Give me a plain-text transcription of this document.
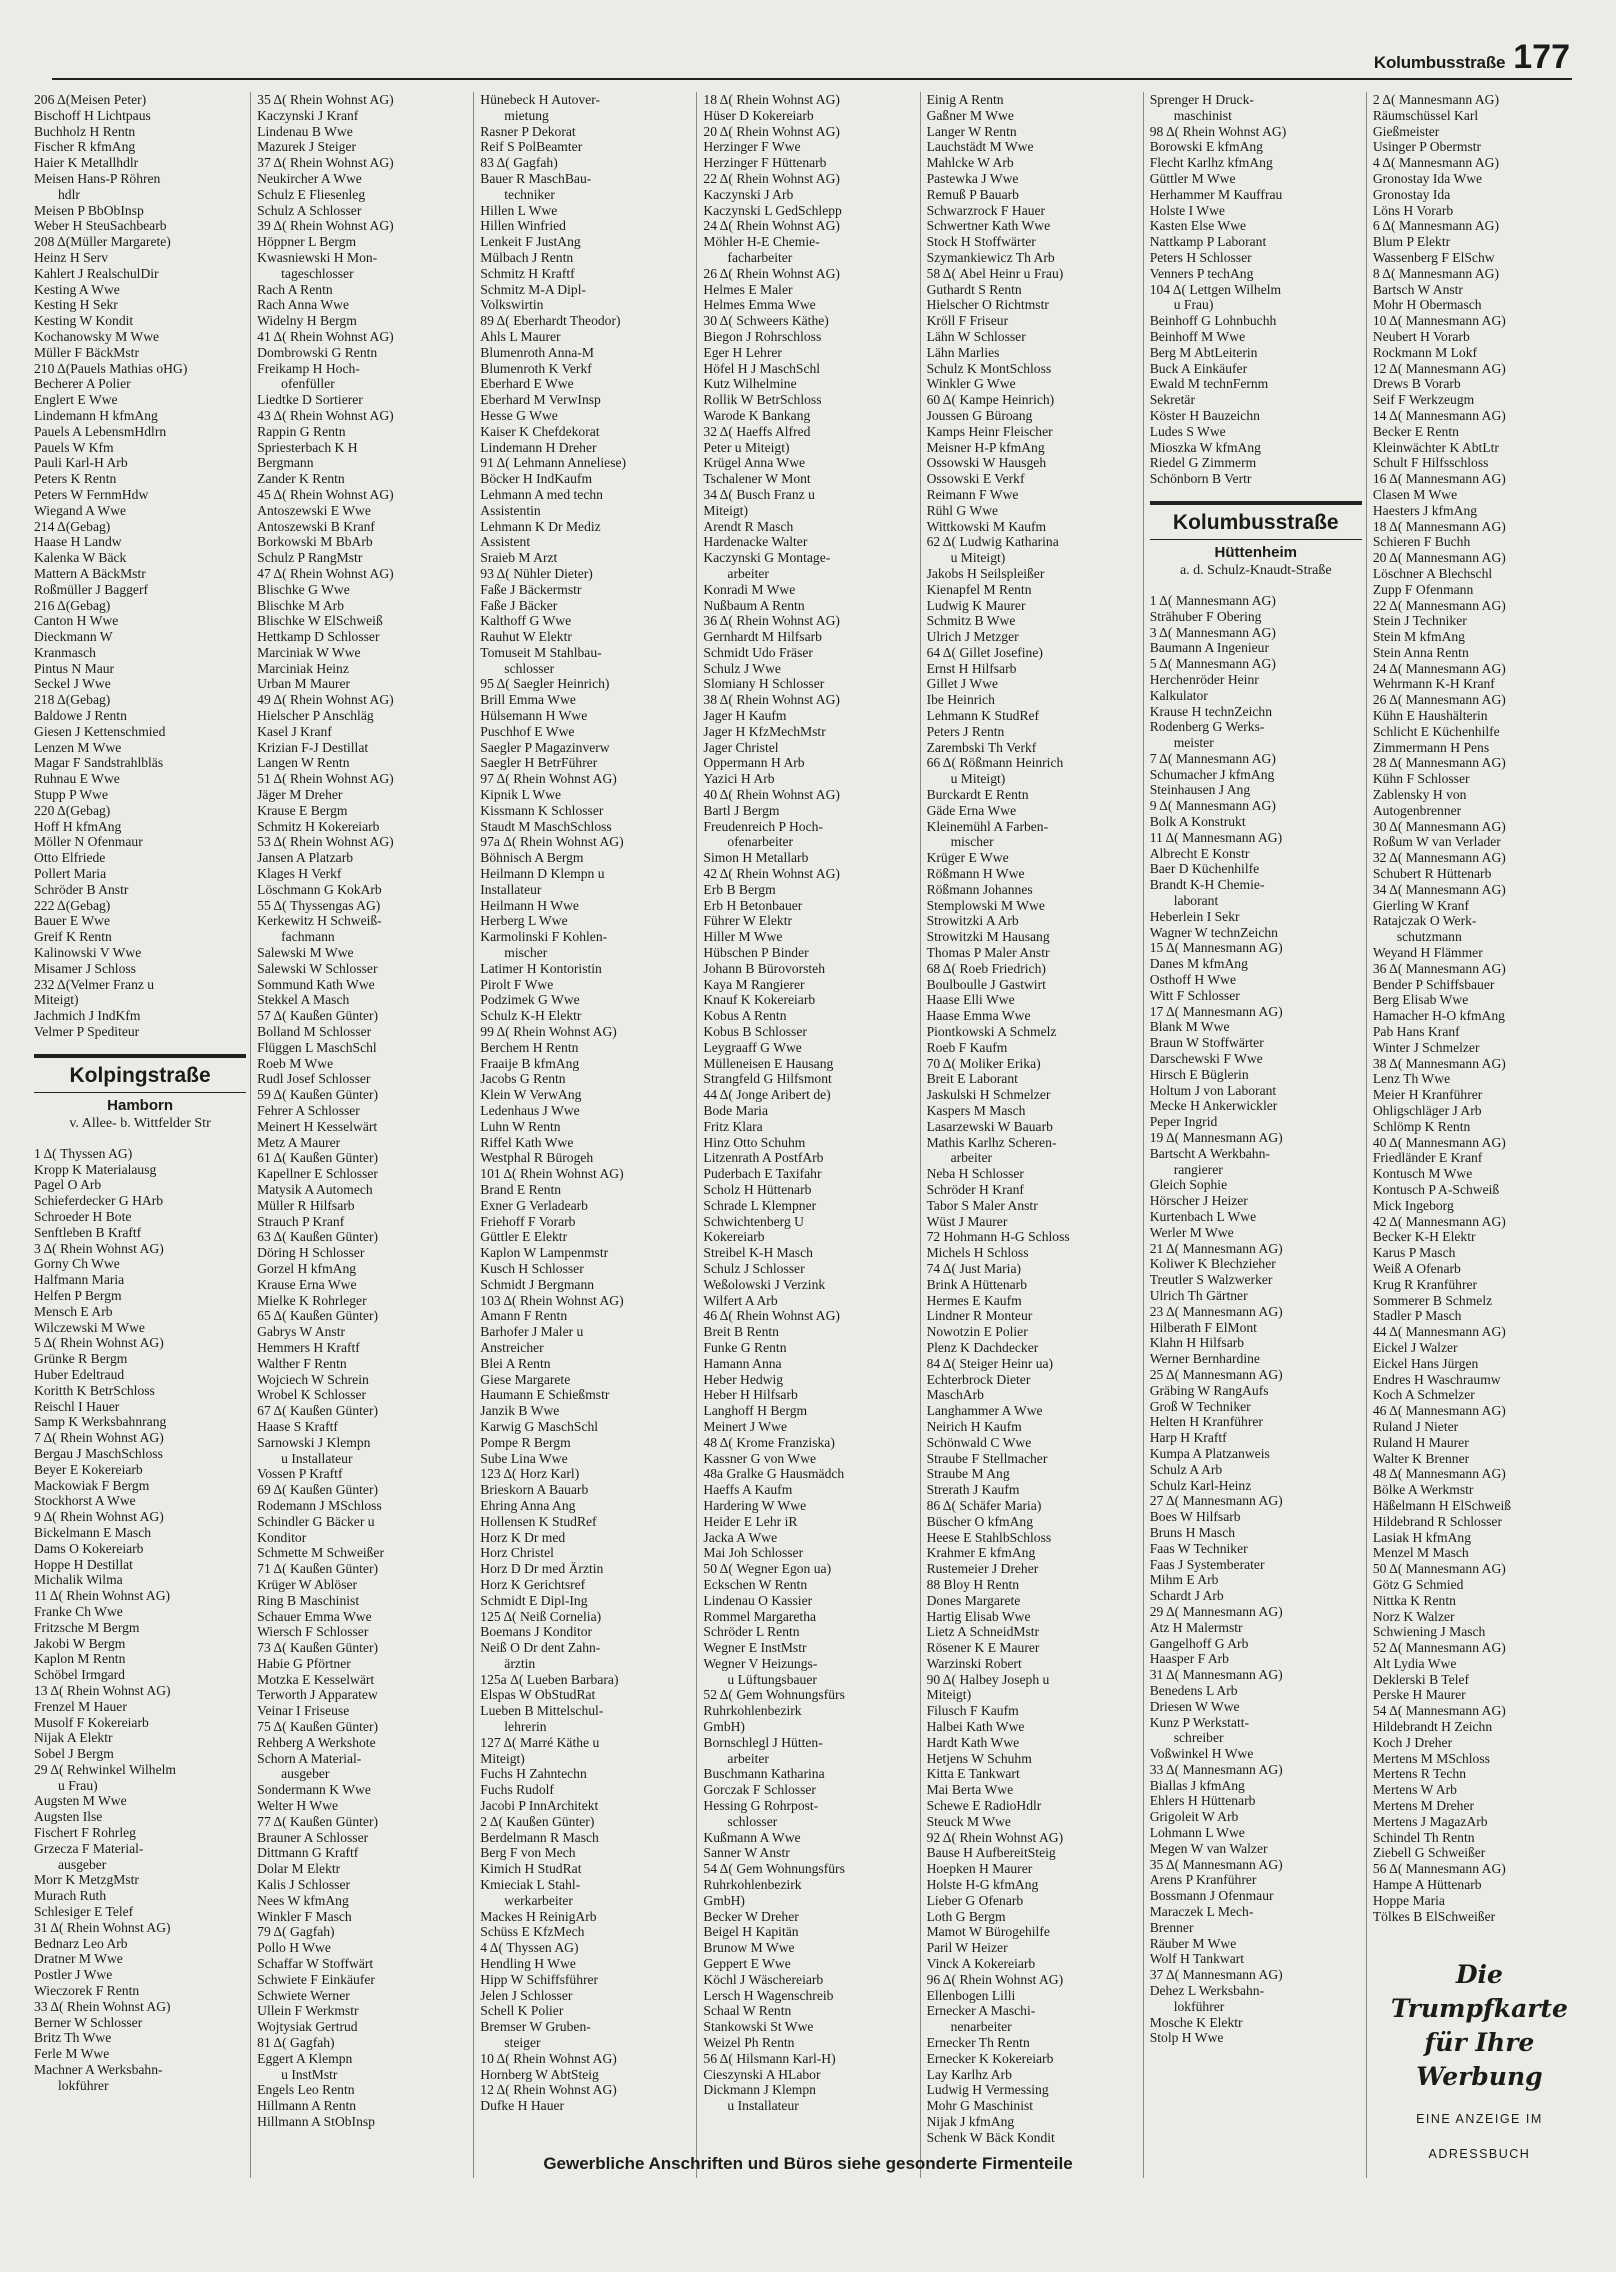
Kolumbusstraße 177
206 Δ(Meisen Peter)
Bischoff H Lichtpaus
Buchholz H Rentn
Fischer R kfmAng
Haier K Metallhdlr
Meisen Hans-P Röhren
hdlr
Meisen P BbObInsp
Weber H SteuSachbearb
208 Δ(Müller Margarete)
Heinz H Serv
Kahlert J RealschulDir
Kesting A Wwe
Kesting H Sekr
Kesting W Kondit
Kochanowsky M Wwe
Müller F BäckMstr
210 Δ(Pauels Mathias oHG)
Becherer A Polier
Englert E Wwe
Lindemann H kfmAng
Pauels A LebensmHdlrn
Pauels W Kfm
Pauli Karl-H Arb
Peters K Rentn
Peters W FernmHdw
Wiegand A Wwe
214 Δ(Gebag)
Haase H Landw
Kalenka W Bäck
Mattern A BäckMstr
Roßmüller J Baggerf
216 Δ(Gebag)
Canton H Wwe
Dieckmann W
Kranmasch
Pintus N Maur
Seckel J Wwe
218 Δ(Gebag)
Baldowe J Rentn
Giesen J Kettenschmied
Lenzen M Wwe
Magar F Sandstrahlbläs
Ruhnau E Wwe
Stupp P Wwe
220 Δ(Gebag)
Hoff H kfmAng
Möller N Ofenmaur
Otto Elfriede
Pollert Maria
Schröder B Anstr
222 Δ(Gebag)
Bauer E Wwe
Greif K Rentn
Kalinowski V Wwe
Misamer J Schloss
232 Δ(Velmer Franz u
Miteigt)
Jachmich J IndKfm
Velmer P Spediteur
Kolpingstraße
Hamborn
v. Allee- b. Wittfelder Str
1 Δ( Thyssen AG)
Kropp K Materialausg
Pagel O Arb
Schieferdecker G HArb
Schroeder H Bote
Senftleben B Kraftf
3 Δ( Rhein Wohnst AG)
Gorny Ch Wwe
Halfmann Maria
Helfen P Bergm
Mensch E Arb
Wilczewski M Wwe
5 Δ( Rhein Wohnst AG)
Grünke R Bergm
Huber Edeltraud
Koritth K BetrSchloss
Reischl I Hauer
Samp K Werksbahnrang
7 Δ( Rhein Wohnst AG)
Bergau J MaschSchloss
Beyer E Kokereiarb
Mackowiak F Bergm
Stockhorst A Wwe
9 Δ( Rhein Wohnst AG)
Bickelmann E Masch
Dams O Kokereiarb
Hoppe H Destillat
Michalik Wilma
11 Δ( Rhein Wohnst AG)
Franke Ch Wwe
Fritzsche M Bergm
Jakobi W Bergm
Kaplon M Rentn
Schöbel Irmgard
13 Δ( Rhein Wohnst AG)
Frenzel M Hauer
Musolf F Kokereiarb
Nijak A Elektr
Sobel J Bergm
29 Δ( Rehwinkel Wilhelm
u Frau)
Augsten M Wwe
Augsten Ilse
Fischert F Rohrleg
Grzecza F Material-
ausgeber
Morr K MetzgMstr
Murach Ruth
Schlesiger E Telef
31 Δ( Rhein Wohnst AG)
Bednarz Leo Arb
Dratner M Wwe
Postler J Wwe
Wieczorek F Rentn
33 Δ( Rhein Wohnst AG)
Berner W Schlosser
Britz Th Wwe
Ferle M Wwe
Machner A Werksbahn-
lokführer
35 Δ( Rhein Wohnst AG)
Kaczynski J Kranf
Lindenau B Wwe
Mazurek J Steiger
37 Δ( Rhein Wohnst AG)
Neukircher A Wwe
Schulz E Fliesenleg
Schulz A Schlosser
39 Δ( Rhein Wohnst AG)
Höppner L Bergm
Kwasniewski H Mon-
tageschlosser
Rach A Rentn
Rach Anna Wwe
Widelny H Bergm
41 Δ( Rhein Wohnst AG)
Dombrowski G Rentn
Freikamp H Hoch-
ofenfüller
Liedtke D Sortierer
43 Δ( Rhein Wohnst AG)
Rappin G Rentn
Spriesterbach K H
Bergmann
Zander K Rentn
45 Δ( Rhein Wohnst AG)
Antoszewski E Wwe
Antoszewski B Kranf
Borkowski M BbArb
Schulz P RangMstr
47 Δ( Rhein Wohnst AG)
Blischke G Wwe
Blischke M Arb
Blischke W ElSchweiß
Hettkamp D Schlosser
Marciniak W Wwe
Marciniak Heinz
Urban M Maurer
49 Δ( Rhein Wohnst AG)
Hielscher P Anschläg
Kasel J Kranf
Krizian F-J Destillat
Langen W Rentn
51 Δ( Rhein Wohnst AG)
Jäger M Dreher
Krause E Bergm
Schmitz H Kokereiarb
53 Δ( Rhein Wohnst AG)
Jansen A Platzarb
Klages H Verkf
Löschmann G KokArb
55 Δ( Thyssengas AG)
Kerkewitz H Schweiß-
fachmann
Salewski M Wwe
Salewski W Schlosser
Sommund Kath Wwe
Stekkel A Masch
57 Δ( Kaußen Günter)
Bolland M Schlosser
Flüggen L MaschSchl
Roeb M Wwe
Rudl Josef Schlosser
59 Δ( Kaußen Günter)
Fehrer A Schlosser
Meinert H Kesselwärt
Metz A Maurer
61 Δ( Kaußen Günter)
Kapellner E Schlosser
Matysik A Automech
Müller R Hilfsarb
Strauch P Kranf
63 Δ( Kaußen Günter)
Döring H Schlosser
Gorzel H kfmAng
Krause Erna Wwe
Mielke K Rohrleger
65 Δ( Kaußen Günter)
Gabrys W Anstr
Hemmers H Kraftf
Walther F Rentn
Wojciech W Schrein
Wrobel K Schlosser
67 Δ( Kaußen Günter)
Haase S Kraftf
Sarnowski J Klempn
u Installateur
Vossen P Kraftf
69 Δ( Kaußen Günter)
Rodemann J MSchloss
Schindler G Bäcker u
Konditor
Schmette M Schweißer
71 Δ( Kaußen Günter)
Krüger W Ablöser
Ring B Maschinist
Schauer Emma Wwe
Wiersch F Schlosser
73 Δ( Kaußen Günter)
Habie G Pförtner
Motzka E Kesselwärt
Terworth J Apparatew
Veinar I Friseuse
75 Δ( Kaußen Günter)
Rehberg A Werkshote
Schorn A Material-
ausgeber
Sondermann K Wwe
Welter H Wwe
77 Δ( Kaußen Günter)
Brauner A Schlosser
Dittmann G Kraftf
Dolar M Elektr
Kalis J Schlosser
Nees W kfmAng
Winkler F Masch
79 Δ( Gagfah)
Pollo H Wwe
Schaffar W Stoffwärt
Schwiete F Einkäufer
Schwiete Werner
Ullein F Werkmstr
Wojtysiak Gertrud
81 Δ( Gagfah)
Eggert A Klempn
u InstMstr
Engels Leo Rentn
Hillmann A Rentn
Hillmann A StObInsp
Hünebeck H Autover-
mietung
Rasner P Dekorat
Reif S PolBeamter
83 Δ( Gagfah)
Bauer R MaschBau-
techniker
Hillen L Wwe
Hillen Winfried
Lenkeit F JustAng
Mülbach J Rentn
Schmitz H Kraftf
Schmitz M-A Dipl-
Volkswirtin
89 Δ( Eberhardt Theodor)
Ahls L Maurer
Blumenroth Anna-M
Blumenroth K Verkf
Eberhard E Wwe
Eberhard M VerwInsp
Hesse G Wwe
Kaiser K Chefdekorat
Lindemann H Dreher
91 Δ( Lehmann Anneliese)
Böcker H IndKaufm
Lehmann A med techn
Assistentin
Lehmann K Dr Mediz
Assistent
Sraieb M Arzt
93 Δ( Nühler Dieter)
Faße J Bäckermstr
Faße J Bäcker
Kalthoff G Wwe
Rauhut W Elektr
Tomuseit M Stahlbau-
schlosser
95 Δ( Saegler Heinrich)
Brill Emma Wwe
Hülsemann H Wwe
Puschhof E Wwe
Saegler P Magazinverw
Saegler H BetrFührer
97 Δ( Rhein Wohnst AG)
Kipnik L Wwe
Kissmann K Schlosser
Staudt M MaschSchloss
97a Δ( Rhein Wohnst AG)
Böhnisch A Bergm
Heilmann D Klempn u
Installateur
Heilmann H Wwe
Herberg L Wwe
Karmolinski F Kohlen-
mischer
Latimer H Kontoristin
Pirolt F Wwe
Podzimek G Wwe
Schulz K-H Elektr
99 Δ( Rhein Wohnst AG)
Berchem H Rentn
Fraaije B kfmAng
Jacobs G Rentn
Klein W VerwAng
Ledenhaus J Wwe
Luhn W Rentn
Riffel Kath Wwe
Westphal R Bürogeh
101 Δ( Rhein Wohnst AG)
Brand E Rentn
Exner G Verladearb
Friehoff F Vorarb
Güttler E Elektr
Kaplon W Lampenmstr
Kusch H Schlosser
Schmidt J Bergmann
103 Δ( Rhein Wohnst AG)
Amann F Rentn
Barhofer J Maler u
Anstreicher
Blei A Rentn
Giese Margarete
Haumann E Schießmstr
Janzik B Wwe
Karwig G MaschSchl
Pompe R Bergm
Sube Lina Wwe
123 Δ( Horz Karl)
Brieskorn A Bauarb
Ehring Anna Ang
Hollensen K StudRef
Horz K Dr med
Horz Christel
Horz D Dr med Ärztin
Horz K Gerichtsref
Schmidt E Dipl-Ing
125 Δ( Neiß Cornelia)
Boemans J Konditor
Neiß O Dr dent Zahn-
ärztin
125a Δ( Lueben Barbara)
Elspas W ObStudRat
Lueben B Mittelschul-
lehrerin
127 Δ( Marré Käthe u
Miteigt)
Fuchs H Zahntechn
Fuchs Rudolf
Jacobi P InnArchitekt
2 Δ( Kaußen Günter)
Berdelmann R Masch
Berg F von Mech
Kimich H StudRat
Kmieciak L Stahl-
werkarbeiter
Mackes H ReinigArb
Schüss E KfzMech
4 Δ( Thyssen AG)
Hendling H Wwe
Hipp W Schiffsführer
Jelen J Schlosser
Schell K Polier
Bremser W Gruben-
steiger
10 Δ( Rhein Wohnst AG)
Hornberg W AbtSteig
12 Δ( Rhein Wohnst AG)
Dufke H Hauer
18 Δ( Rhein Wohnst AG)
Hüser D Kokereiarb
20 Δ( Rhein Wohnst AG)
Herzinger F Wwe
Herzinger F Hüttenarb
22 Δ( Rhein Wohnst AG)
Kaczynski J Arb
Kaczynski L GedSchlepp
24 Δ( Rhein Wohnst AG)
Möhler H-E Chemie-
facharbeiter
26 Δ( Rhein Wohnst AG)
Helmes E Maler
Helmes Emma Wwe
30 Δ( Schweers Käthe)
Biegon J Rohrschloss
Eger H Lehrer
Höfel H J MaschSchl
Kutz Wilhelmine
Rollik W BetrSchloss
Warode K Bankang
32 Δ( Haeffs Alfred
Peter u Miteigt)
Krügel Anna Wwe
Tschalener W Mont
34 Δ( Busch Franz u
Miteigt)
Arendt R Masch
Hardenacke Walter
Kaczynski G Montage-
arbeiter
Konradi M Wwe
Nußbaum A Rentn
36 Δ( Rhein Wohnst AG)
Gernhardt M Hilfsarb
Schmidt Udo Fräser
Schulz J Wwe
Slomiany H Schlosser
38 Δ( Rhein Wohnst AG)
Jager H Kaufm
Jager H KfzMechMstr
Jager Christel
Oppermann H Arb
Yazici H Arb
40 Δ( Rhein Wohnst AG)
Bartl J Bergm
Freudenreich P Hoch-
ofenarbeiter
Simon H Metallarb
42 Δ( Rhein Wohnst AG)
Erb B Bergm
Erb H Betonbauer
Führer W Elektr
Hiller M Wwe
Hübschen P Binder
Johann B Bürovorsteh
Kaya M Rangierer
Knauf K Kokereiarb
Kobus A Rentn
Kobus B Schlosser
Leygraaff G Wwe
Mülleneisen E Hausang
Strangfeld G Hilfsmont
44 Δ( Jonge Aribert de)
Bode Maria
Fritz Klara
Hinz Otto Schuhm
Litzenrath A PostfArb
Puderbach E Taxifahr
Scholz H Hüttenarb
Schrade L Klempner
Schwichtenberg U
Kokereiarb
Streibel K-H Masch
Schulz J Schlosser
Weßolowski J Verzink
Wilfert A Arb
46 Δ( Rhein Wohnst AG)
Breit B Rentn
Funke G Rentn
Hamann Anna
Heber Hedwig
Heber H Hilfsarb
Langhoff H Bergm
Meinert J Wwe
48 Δ( Krome Franziska)
Kassner G von Wwe
48a Gralke G Hausmädch
Haeffs A Kaufm
Hardering W Wwe
Heider E Lehr iR
Jacka A Wwe
Mai Joh Schlosser
50 Δ( Wegner Egon ua)
Eckschen W Rentn
Lindenau O Kassier
Rommel Margaretha
Schröder L Rentn
Wegner E InstMstr
Wegner V Heizungs-
u Lüftungsbauer
52 Δ( Gem Wohnungsfürs
Ruhrkohlenbezirk
GmbH)
Bornschlegl J Hütten-
arbeiter
Buschmann Katharina
Gorczak F Schlosser
Hessing G Rohrpost-
schlosser
Kußmann A Wwe
Sanner W Anstr
54 Δ( Gem Wohnungsfürs
Ruhrkohlenbezirk
GmbH)
Becker W Dreher
Beigel H Kapitän
Brunow M Wwe
Geppert E Wwe
Köchl J Wäschereiarb
Lersch H Wagenschreib
Schaal W Rentn
Stankowski St Wwe
Weizel Ph Rentn
56 Δ( Hilsmann Karl-H)
Cieszynski A HLabor
Dickmann J Klempn
u Installateur
Einig A Rentn
Gaßner M Wwe
Langer W Rentn
Lauchstädt M Wwe
Mahlcke W Arb
Pastewka J Wwe
Remuß P Bauarb
Schwarzrock F Hauer
Schwertner Kath Wwe
Stock H Stoffwärter
Szymankiewicz Th Arb
58 Δ( Abel Heinr u Frau)
Guthardt S Rentn
Hielscher O Richtmstr
Kröll F Friseur
Lähn W Schlosser
Lähn Marlies
Schulz K MontSchloss
Winkler G Wwe
60 Δ( Kampe Heinrich)
Joussen G Büroang
Kamps Heinr Fleischer
Meisner H-P kfmAng
Ossowski W Hausgeh
Ossowski E Verkf
Reimann F Wwe
Rühl G Wwe
Wittkowski M Kaufm
62 Δ( Ludwig Katharina
u Miteigt)
Jakobs H Seilspleißer
Kienapfel M Rentn
Ludwig K Maurer
Schmitz B Wwe
Ulrich J Metzger
64 Δ( Gillet Josefine)
Ernst H Hilfsarb
Gillet J Wwe
Ibe Heinrich
Lehmann K StudRef
Peters J Rentn
Zarembski Th Verkf
66 Δ( Rößmann Heinrich
u Miteigt)
Burckardt E Rentn
Gäde Erna Wwe
Kleinemühl A Farben-
mischer
Krüger E Wwe
Rößmann H Wwe
Rößmann Johannes
Stemplowski M Wwe
Strowitzki A Arb
Strowitzki M Hausang
Thomas P Maler Anstr
68 Δ( Roeb Friedrich)
Boulboulle J Gastwirt
Haase Elli Wwe
Haase Emma Wwe
Piontkowski A Schmelz
Roeb F Kaufm
70 Δ( Moliker Erika)
Breit E Laborant
Jaskulski H Schmelzer
Kaspers M Masch
Lasarzewski W Bauarb
Mathis Karlhz Scheren-
arbeiter
Neba H Schlosser
Schröder H Kranf
Tabor S Maler Anstr
Wüst J Maurer
72 Hohmann H-G Schloss
Michels H Schloss
74 Δ( Just Maria)
Brink A Hüttenarb
Hermes E Kaufm
Lindner R Monteur
Nowotzin E Polier
Plenz K Dachdecker
84 Δ( Steiger Heinr ua)
Echterbrock Dieter
MaschArb
Langhammer A Wwe
Neirich H Kaufm
Schönwald C Wwe
Straube F Stellmacher
Straube M Ang
Strerath J Kaufm
86 Δ( Schäfer Maria)
Büscher O kfmAng
Heese E StahlbSchloss
Krahmer E kfmAng
Rustemeier J Dreher
88 Bloy H Rentn
Dones Margarete
Hartig Elisab Wwe
Lietz A SchneidMstr
Rösener K E Maurer
Warzinski Robert
90 Δ( Halbey Joseph u
Miteigt)
Filusch F Kaufm
Halbei Kath Wwe
Hardt Kath Wwe
Hetjens W Schuhm
Kitta E Tankwart
Mai Berta Wwe
Schewe E RadioHdlr
Steuck M Wwe
92 Δ( Rhein Wohnst AG)
Bause H AufbereitSteig
Hoepken H Maurer
Holste H-G kfmAng
Lieber G Ofenarb
Loth G Bergm
Mamot W Bürogehilfe
Paril W Heizer
Vinck A Kokereiarb
96 Δ( Rhein Wohnst AG)
Ellenbogen Lilli
Ernecker A Maschi-
nenarbeiter
Ernecker Th Rentn
Ernecker K Kokereiarb
Lay Karlhz Arb
Ludwig H Vermessing
Mohr G Maschinist
Nijak J kfmAng
Schenk W Bäck Kondit
Sprenger H Druck-
maschinist
98 Δ( Rhein Wohnst AG)
Borowski E kfmAng
Flecht Karlhz kfmAng
Güttler M Wwe
Herhammer M Kauffrau
Holste I Wwe
Kasten Else Wwe
Nattkamp P Laborant
Peters H Schlosser
Venners P techAng
104 Δ( Lettgen Wilhelm
u Frau)
Beinhoff G Lohnbuchh
Beinhoff M Wwe
Berg M AbtLeiterin
Buck A Einkäufer
Ewald M technFernm
Sekretär
Köster H Bauzeichn
Ludes S Wwe
Mioszka W kfmAng
Riedel G Zimmerm
Schönborn B Vertr
Kolumbusstraße
Hüttenheim
a. d. Schulz-Knaudt-Straße
1 Δ( Mannesmann AG)
Strähuber F Obering
3 Δ( Mannesmann AG)
Baumann A Ingenieur
5 Δ( Mannesmann AG)
Herchenröder Heinr
Kalkulator
Krause H technZeichn
Rodenberg G Werks-
meister
7 Δ( Mannesmann AG)
Schumacher J kfmAng
Steinhausen J Ang
9 Δ( Mannesmann AG)
Bolk A Konstrukt
11 Δ( Mannesmann AG)
Albrecht E Konstr
Baer D Küchenhilfe
Brandt K-H Chemie-
laborant
Heberlein I Sekr
Wagner W technZeichn
15 Δ( Mannesmann AG)
Danes M kfmAng
Osthoff H Wwe
Witt F Schlosser
17 Δ( Mannesmann AG)
Blank M Wwe
Braun W Stoffwärter
Darschewski F Wwe
Hirsch E Büglerin
Holtum J von Laborant
Mecke H Ankerwickler
Peper Ingrid
19 Δ( Mannesmann AG)
Bartscht A Werkbahn-
rangierer
Gleich Sophie
Hörscher J Heizer
Kurtenbach L Wwe
Werler M Wwe
21 Δ( Mannesmann AG)
Koliwer K Blechzieher
Treutler S Walzwerker
Ulrich Th Gärtner
23 Δ( Mannesmann AG)
Hilberath F ElMont
Klahn H Hilfsarb
Werner Bernhardine
25 Δ( Mannesmann AG)
Gräbing W RangAufs
Groß W Techniker
Helten H Kranführer
Harp H Kraftf
Kumpa A Platzanweis
Schulz A Arb
Schulz Karl-Heinz
27 Δ( Mannesmann AG)
Boes W Hilfsarb
Bruns H Masch
Faas W Techniker
Faas J Systemberater
Mihm E Arb
Schardt J Arb
29 Δ( Mannesmann AG)
Atz H Malermstr
Gangelhoff G Arb
Haasper F Arb
31 Δ( Mannesmann AG)
Benedens L Arb
Driesen W Wwe
Kunz P Werkstatt-
schreiber
Voßwinkel H Wwe
33 Δ( Mannesmann AG)
Biallas J kfmAng
Ehlers H Hüttenarb
Grigoleit W Arb
Lohmann L Wwe
Megen W van Walzer
35 Δ( Mannesmann AG)
Arens P Kranführer
Bossmann J Ofenmaur
Maraczek L Mech-
Brenner
Räuber M Wwe
Wolf H Tankwart
37 Δ( Mannesmann AG)
Dehez L Werksbahn-
lokführer
Mosche K Elektr
Stolp H Wwe
2 Δ( Mannesmann AG)
Räumschüssel Karl
Gießmeister
Usinger P Obermstr
4 Δ( Mannesmann AG)
Gronostay Ida Wwe
Gronostay Ida
Löns H Vorarb
6 Δ( Mannesmann AG)
Blum P Elektr
Wassenberg F ElSchw
8 Δ( Mannesmann AG)
Bartsch W Anstr
Mohr H Obermasch
10 Δ( Mannesmann AG)
Neubert H Vorarb
Rockmann M Lokf
12 Δ( Mannesmann AG)
Drews B Vorarb
Seif F Werkzeugm
14 Δ( Mannesmann AG)
Becker E Rentn
Kleinwächter K AbtLtr
Schult F Hilfsschloss
16 Δ( Mannesmann AG)
Clasen M Wwe
Haesters J kfmAng
18 Δ( Mannesmann AG)
Schieren F Buchh
20 Δ( Mannesmann AG)
Löschner A Blechschl
Zupp F Ofenmann
22 Δ( Mannesmann AG)
Stein J Techniker
Stein M kfmAng
Stein Anna Rentn
24 Δ( Mannesmann AG)
Wehrmann K-H Kranf
26 Δ( Mannesmann AG)
Kühn E Haushälterin
Schlicht E Küchenhilfe
Zimmermann H Pens
28 Δ( Mannesmann AG)
Kühn F Schlosser
Zablensky H von
Autogenbrenner
30 Δ( Mannesmann AG)
Roßum W van Verlader
32 Δ( Mannesmann AG)
Schubert R Hüttenarb
34 Δ( Mannesmann AG)
Gierling W Kranf
Ratajczak O Werk-
schutzmann
Weyand H Flämmer
36 Δ( Mannesmann AG)
Bender P Schiffsbauer
Berg Elisab Wwe
Hamacher H-O kfmAng
Pab Hans Kranf
Winter J Schmelzer
38 Δ( Mannesmann AG)
Lenz Th Wwe
Meier H Kranführer
Ohligschläger J Arb
Schlömp K Rentn
40 Δ( Mannesmann AG)
Friedländer E Kranf
Kontusch M Wwe
Kontusch P A-Schweiß
Mick Ingeborg
42 Δ( Mannesmann AG)
Becker K-H Elektr
Karus P Masch
Weiß A Ofenarb
Krug R Kranführer
Sommerer B Schmelz
Stadler P Masch
44 Δ( Mannesmann AG)
Eickel J Walzer
Eickel Hans Jürgen
Endres H Waschraumw
Koch A Schmelzer
46 Δ( Mannesmann AG)
Ruland J Nieter
Ruland H Maurer
Walter K Brenner
48 Δ( Mannesmann AG)
Bölke A Werkmstr
Häßelmann H ElSchweiß
Hildebrand R Schlosser
Lasiak H kfmAng
Menzel M Masch
50 Δ( Mannesmann AG)
Götz G Schmied
Nittka K Rentn
Norz K Walzer
Schwiening J Masch
52 Δ( Mannesmann AG)
Alt Lydia Wwe
Deklerski B Telef
Perske H Maurer
54 Δ( Mannesmann AG)
Hildebrandt H Zeichn
Koch J Dreher
Mertens M MSchloss
Mertens R Techn
Mertens W Arb
Mertens M Dreher
Mertens J MagazArb
Schindel Th Rentn
Ziebell G Schweißer
56 Δ( Mannesmann AG)
Hampe A Hüttenarb
Hoppe Maria
Tölkes B ElSchweißer
Die Trumpfkarte
für Ihre Werbung
EINE ANZEIGE IM
ADRESSBUCH
Gewerbliche Anschriften und Büros siehe gesonderte Firmenteile
